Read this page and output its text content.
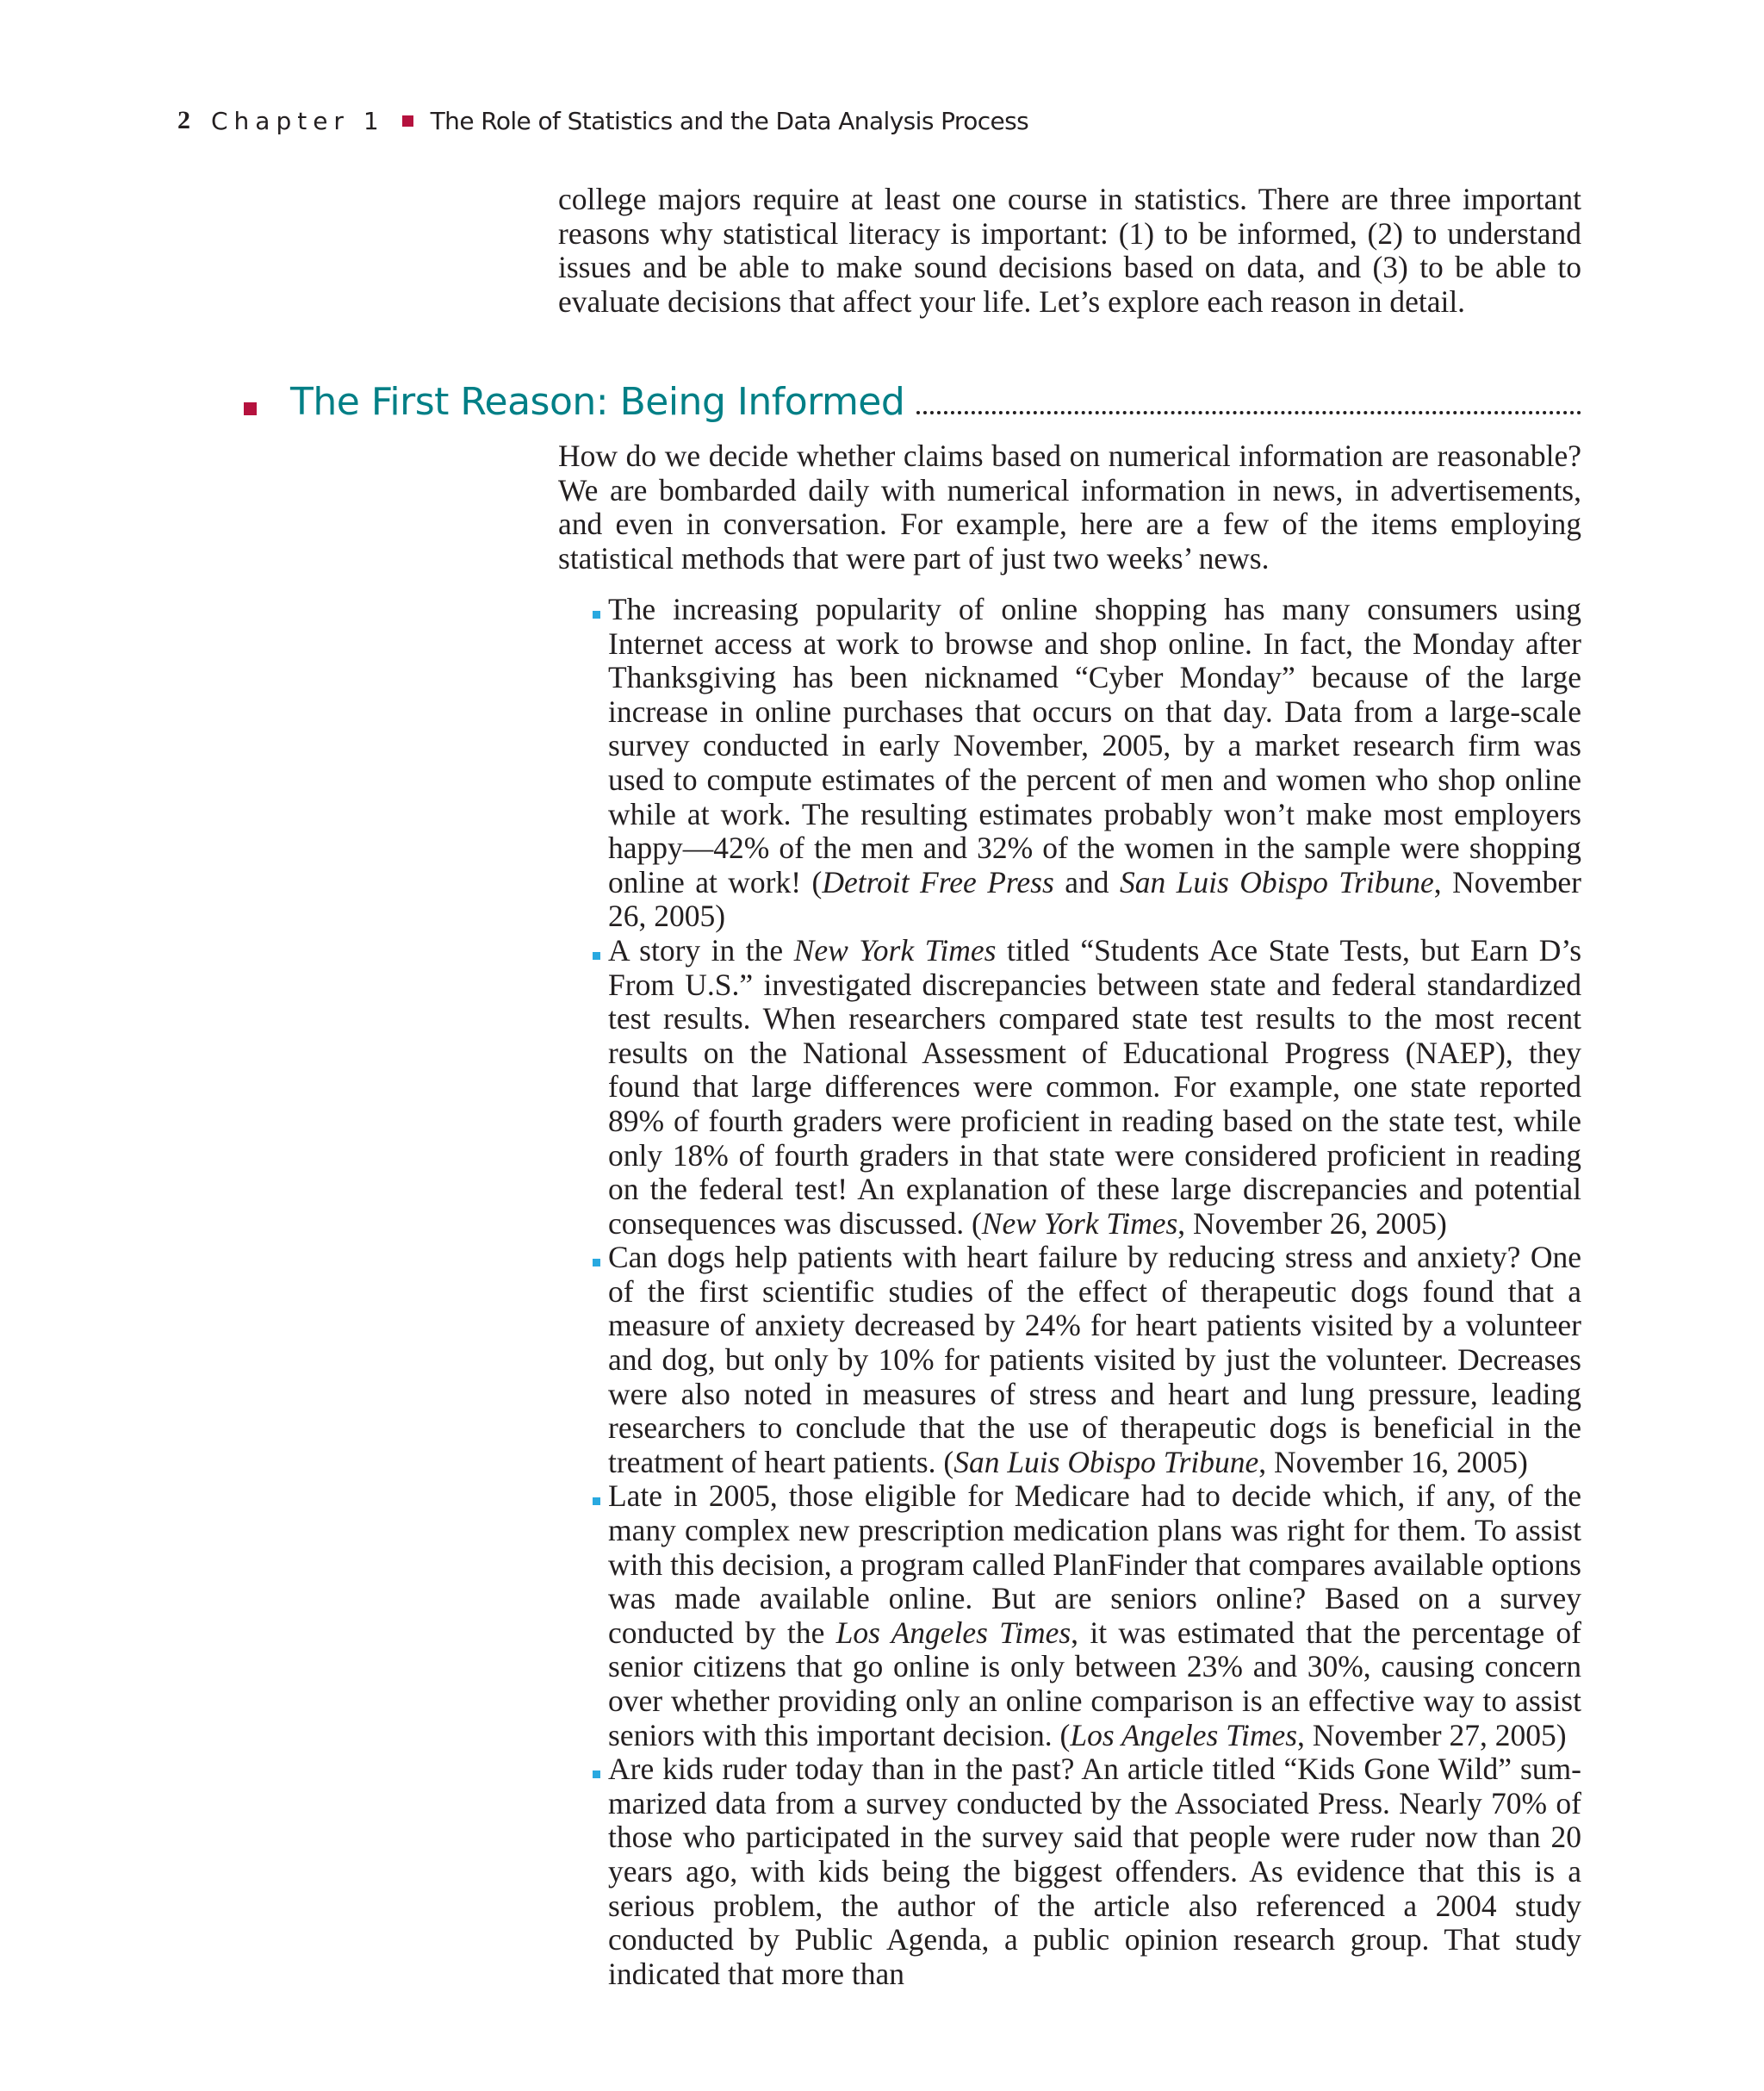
2 Chapter 1 The Role of Statistics and the Data Analysis Process

college majors require at least one course in statistics. There are three important reasons why statistical literacy is important: (1) to be informed, (2) to understand issues and be able to make sound decisions based on data, and (3) to be able to evaluate decisions that affect your life. Let’s explore each reason in detail.

The First Reason: Being Informed

How do we decide whether claims based on numerical information are reasonable? We are bombarded daily with numerical information in news, in advertisements, and even in conversation. For example, here are a few of the items employing statistical methods that were part of just two weeks’ news.

The increasing popularity of online shopping has many consumers using Internet access at work to browse and shop online. In fact, the Monday after Thanksgiving has been nicknamed “Cyber Monday” because of the large increase in online purchases that occurs on that day. Data from a large-scale survey conducted in early November, 2005, by a market research firm was used to compute estimates of the percent of men and women who shop online while at work. The resulting estimates probably won’t make most employers happy—42% of the men and 32% of the women in the sample were shopping online at work! (Detroit Free Press and San Luis Obispo Tribune, November 26, 2005)
A story in the New York Times titled “Students Ace State Tests, but Earn D’s From U.S.” investigated discrepancies between state and federal standardized test results. When researchers compared state test results to the most recent results on the National Assessment of Educational Progress (NAEP), they found that large differences were common. For example, one state reported 89% of fourth graders were proficient in reading based on the state test, while only 18% of fourth graders in that state were considered proficient in reading on the federal test! An explanation of these large discrepancies and potential consequences was discussed. (New York Times, November 26, 2005)
Can dogs help patients with heart failure by reducing stress and anxiety? One of the first scientific studies of the effect of therapeutic dogs found that a measure of anxiety decreased by 24% for heart patients visited by a volunteer and dog, but only by 10% for patients visited by just the volunteer. Decreases were also noted in measures of stress and heart and lung pressure, leading researchers to conclude that the use of therapeutic dogs is beneficial in the treatment of heart patients. (San Luis Obispo Tribune, November 16, 2005)
Late in 2005, those eligible for Medicare had to decide which, if any, of the many complex new prescription medication plans was right for them. To assist with this decision, a program called PlanFinder that compares available options was made available online. But are seniors online? Based on a survey conducted by the Los Angeles Times, it was estimated that the percentage of senior citizens that go online is only between 23% and 30%, causing concern over whether providing only an online comparison is an effective way to assist seniors with this important decision. (Los Angeles Times, November 27, 2005)
Are kids ruder today than in the past? An article titled “Kids Gone Wild” summarized data from a survey conducted by the Associated Press. Nearly 70% of those who participated in the survey said that people were ruder now than 20 years ago, with kids being the biggest offenders. As evidence that this is a serious problem, the author of the article also referenced a 2004 study conducted by Public Agenda, a public opinion research group. That study indicated that more than
